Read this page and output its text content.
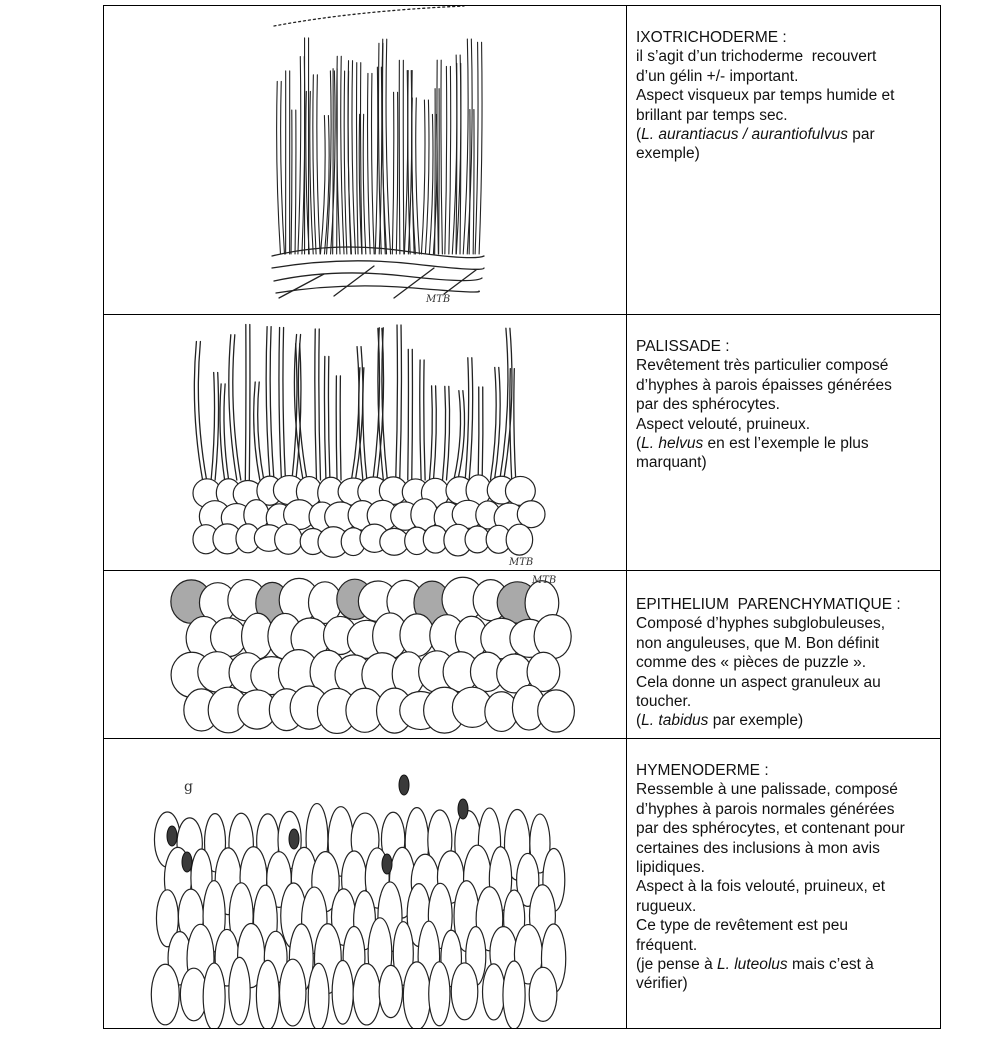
MTB
IXOTRICHODERME :
il s’agit d’un trichoderme  recouvert
d’un gélin +/- important.
Aspect visqueux par temps humide et
brillant par temps sec.
(L. aurantiacus / aurantiofulvus par
exemple)
MTB
PALISSADE :
Revêtement très particulier composé
d’hyphes à parois épaisses générées
par des sphérocytes.
Aspect velouté, pruineux.
(L. helvus en est l’exemple le plus
marquant)
MTB
EPITHELIUM  PARENCHYMATIQUE :
Composé d’hyphes subglobuleuses,
non anguleuses, que M. Bon définit
comme des « pièces de puzzle ».
Cela donne un aspect granuleux au
toucher.
(L. tabidus par exemple)
g
HYMENODERME :
Ressemble à une palissade, composé
d’hyphes à parois normales générées
par des sphérocytes, et contenant pour
certaines des inclusions à mon avis
lipidiques.
Aspect à la fois velouté, pruineux, et
rugueux.
Ce type de revêtement est peu
fréquent.
(je pense à L. luteolus mais c’est à
vérifier)
